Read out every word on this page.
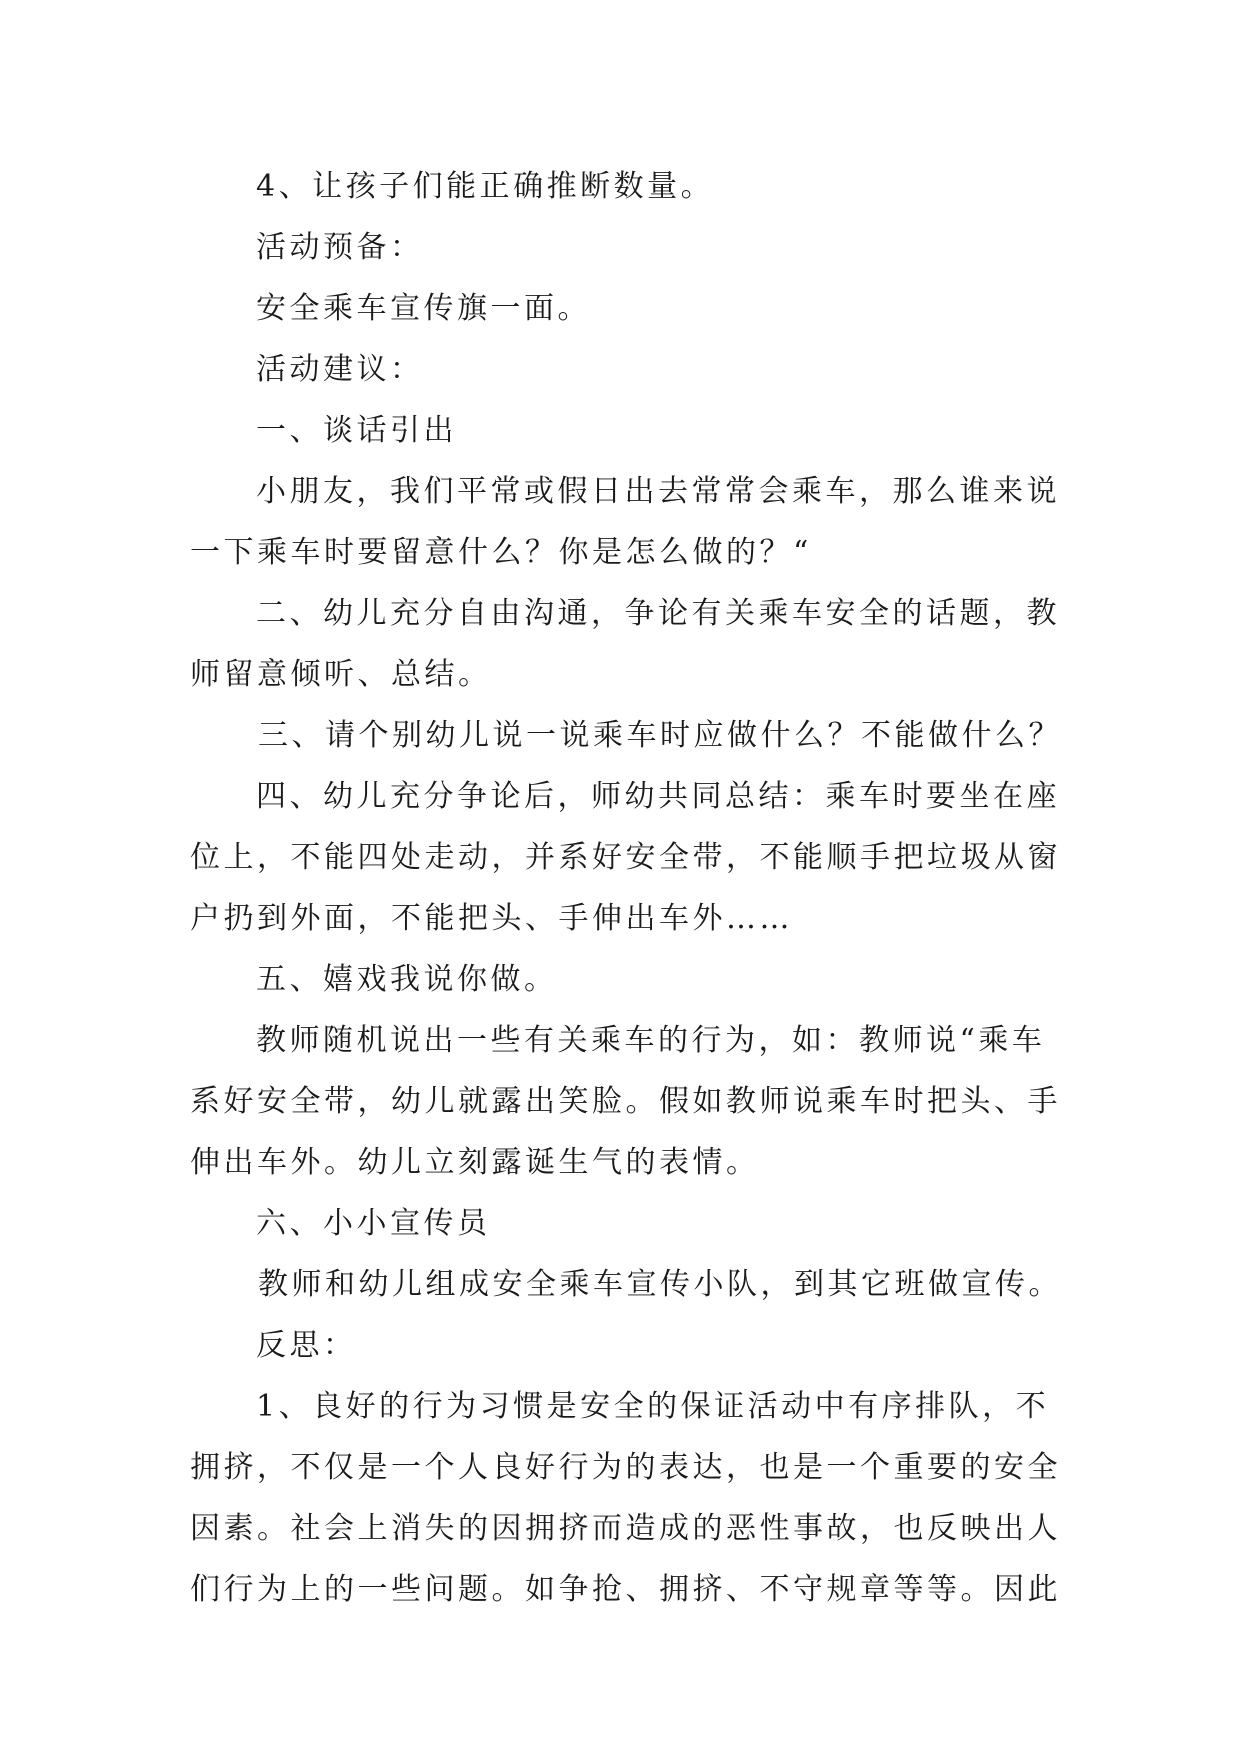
4、让孩子们能正确推断数量。
活动预备：
安全乘车宣传旗一面。
活动建议：
一、谈话引出
小朋友，我们平常或假日出去常常会乘车，那么谁来说
一下乘车时要留意什么？你是怎么做的？“
二、幼儿充分自由沟通，争论有关乘车安全的话题，教
师留意倾听、总结。
三、请个别幼儿说一说乘车时应做什么？不能做什么？
四、幼儿充分争论后，师幼共同总结：乘车时要坐在座
位上，不能四处走动，并系好安全带，不能顺手把垃圾从窗
户扔到外面，不能把头、手伸出车外……
五、嬉戏我说你做。
教师随机说出一些有关乘车的行为，如：教师说“乘车
系好安全带，幼儿就露出笑脸。假如教师说乘车时把头、手
伸出车外。幼儿立刻露诞生气的表情。
六、小小宣传员
教师和幼儿组成安全乘车宣传小队，到其它班做宣传。
反思：
1、良好的行为习惯是安全的保证活动中有序排队，不
拥挤，不仅是一个人良好行为的表达，也是一个重要的安全
因素。社会上消失的因拥挤而造成的恶性事故，也反映出人
们行为上的一些问题。如争抢、拥挤、不守规章等等。因此
